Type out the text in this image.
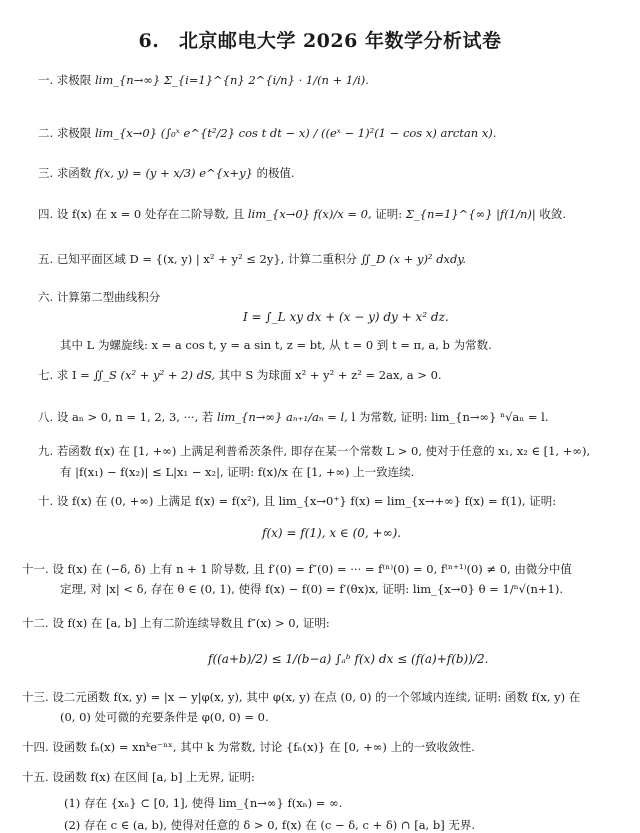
6.　北京邮电大学 2026 年数学分析试卷
一. 求极限 lim_{n→∞} Σ_{i=1}^{n} 2^{i/n} · 1/(n + 1/i).
二. 求极限 lim_{x→0} (∫₀ˣ e^{t²/2} cos t dt − x) / ((eˣ − 1)²(1 − cos x) arctan x).
三. 求函数 f(x, y) = (y + x/3) e^{x+y} 的极值.
四. 设 f(x) 在 x = 0 处存在二阶导数, 且 lim_{x→0} f(x)/x = 0, 证明: Σ_{n=1}^{∞} |f(1/n)| 收敛.
五. 已知平面区域 D = {(x, y) | x² + y² ≤ 2y}, 计算二重积分 ∬_D (x + y)² dxdy.
六. 计算第二型曲线积分
I = ∫_L xy dx + (x − y) dy + x² dz.
其中 L 为螺旋线: x = a cos t, y = a sin t, z = bt, 从 t = 0 到 t = π, a, b 为常数.
七. 求 I = ∬_S (x² + y² + 2) dS, 其中 S 为球面 x² + y² + z² = 2ax, a > 0.
八. 设 aₙ > 0, n = 1, 2, 3, ···, 若 lim_{n→∞} aₙ₊₁/aₙ = l, l 为常数, 证明: lim_{n→∞} ⁿ√aₙ = l.
九. 若函数 f(x) 在 [1, +∞) 上满足利普希茨条件, 即存在某一个常数 L > 0, 使对于任意的 x₁, x₂ ∈ [1, +∞),
有 |f(x₁) − f(x₂)| ≤ L|x₁ − x₂|, 证明: f(x)/x 在 [1, +∞) 上一致连续.
十. 设 f(x) 在 (0, +∞) 上满足 f(x) = f(x²), 且 lim_{x→0⁺} f(x) = lim_{x→+∞} f(x) = f(1), 证明:
f(x) = f(1), x ∈ (0, +∞).
十一. 设 f(x) 在 (−δ, δ) 上有 n + 1 阶导数, 且 f′(0) = f″(0) = ··· = f⁽ⁿ⁾(0) = 0, f⁽ⁿ⁺¹⁾(0) ≠ 0, 由微分中值
定理, 对 |x| < δ, 存在 θ ∈ (0, 1), 使得 f(x) − f(0) = f′(θx)x, 证明: lim_{x→0} θ = 1/ⁿ√(n+1).
十二. 设 f(x) 在 [a, b] 上有二阶连续导数且 f″(x) > 0, 证明:
f((a+b)/2) ≤ 1/(b−a) ∫ₐᵇ f(x) dx ≤ (f(a)+f(b))/2.
十三. 设二元函数 f(x, y) = |x − y|φ(x, y), 其中 φ(x, y) 在点 (0, 0) 的一个邻域内连续, 证明: 函数 f(x, y) 在
(0, 0) 处可微的充要条件是 φ(0, 0) = 0.
十四. 设函数 fₙ(x) = xnᵏe⁻ⁿˣ, 其中 k 为常数, 讨论 {fₙ(x)} 在 [0, +∞) 上的一致收敛性.
十五. 设函数 f(x) 在区间 [a, b] 上无界, 证明:
(1) 存在 {xₙ} ⊂ [0, 1], 使得 lim_{n→∞} f(xₙ) = ∞.
(2) 存在 c ∈ (a, b), 使得对任意的 δ > 0, f(x) 在 (c − δ, c + δ) ∩ [a, b] 无界.
